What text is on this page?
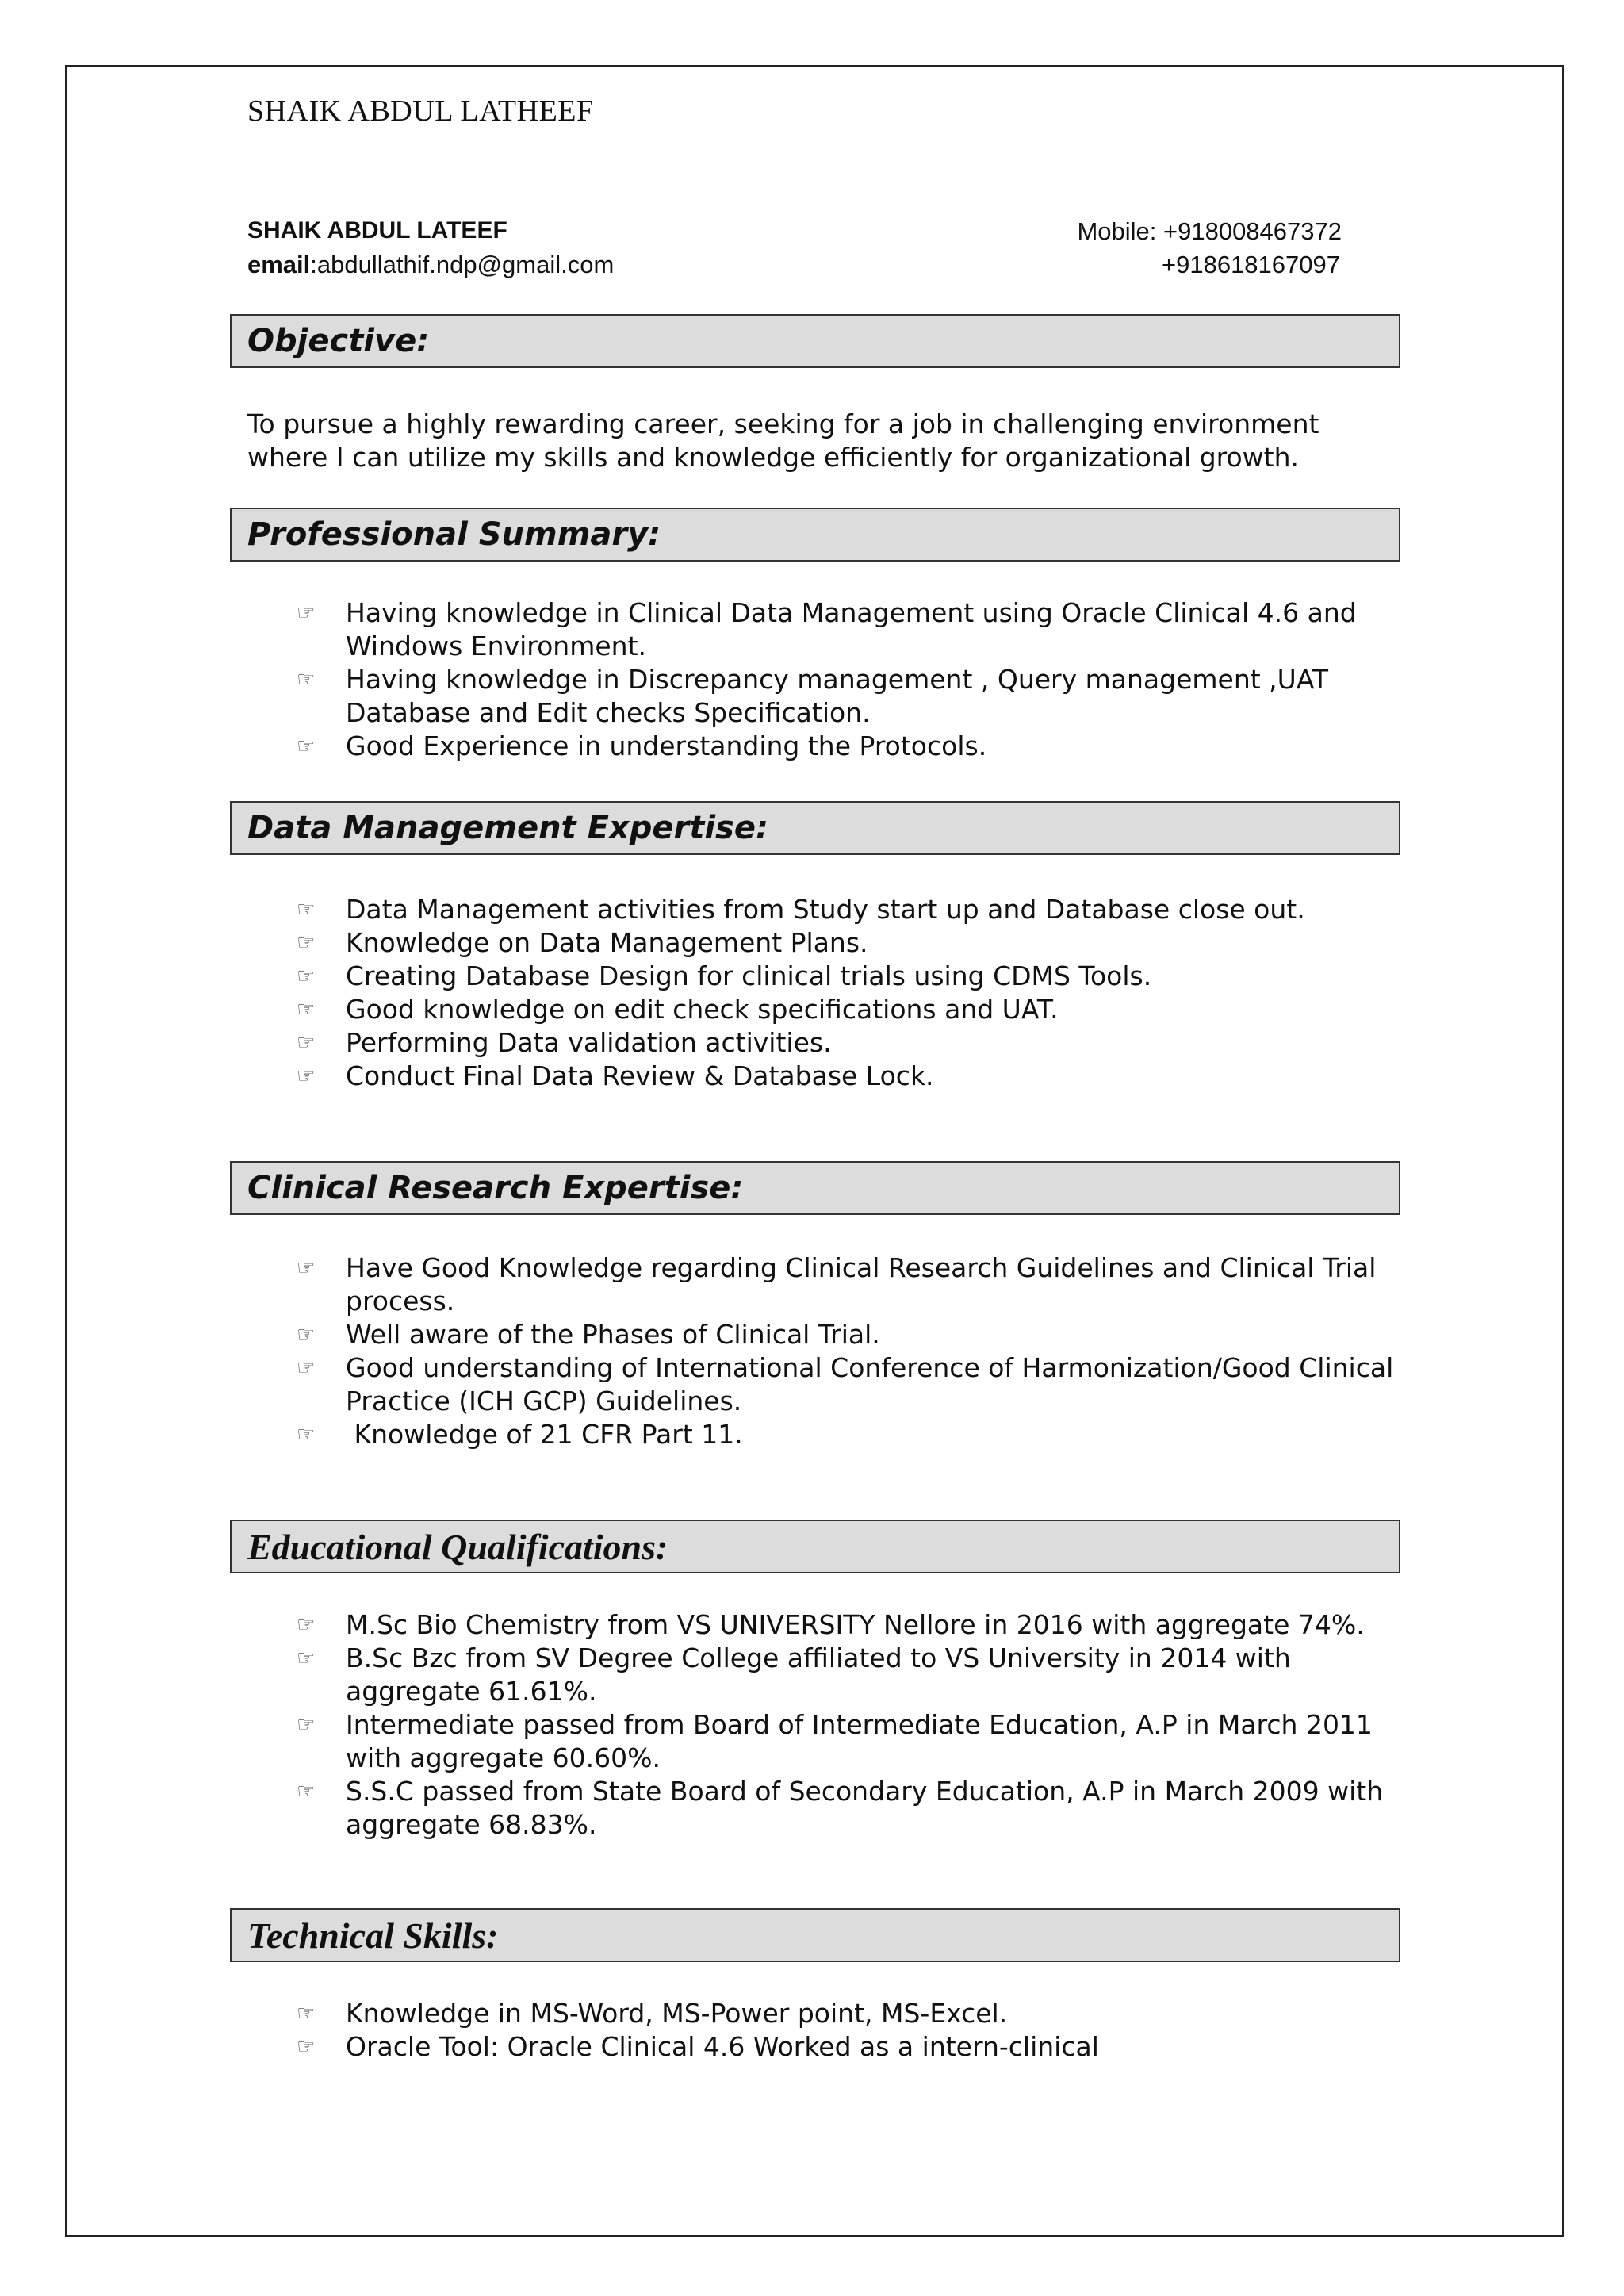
SHAIK ABDUL LATHEEF
SHAIK ABDUL LATEEF
email:abdullathif.ndp@gmail.com
Mobile: +918008467372
+918618167097
Objective:
To pursue a highly rewarding career, seeking for a job in challenging environment
where I can utilize my skills and knowledge efficiently for organizational growth.
Professional Summary:
☞	Having knowledge in Clinical Data Management using Oracle Clinical 4.6 and Windows Environment.
☞	Having knowledge in Discrepancy management , Query management ,UAT Database and Edit checks Specification.
☞	Good Experience in understanding the Protocols.
Data Management Expertise:
☞	Data Management activities from Study start up and Database close out.
☞	Knowledge on Data Management Plans.
☞	Creating Database Design for clinical trials using CDMS Tools.
☞	Good knowledge on edit check specifications and UAT.
☞	Performing Data validation activities.
☞	Conduct Final Data Review & Database Lock.
Clinical Research Expertise:
☞	Have Good Knowledge regarding Clinical Research Guidelines and Clinical Trial process.
☞	Well aware of the Phases of Clinical Trial.
☞	Good understanding of International Conference of Harmonization/Good Clinical Practice (ICH GCP) Guidelines.
☞	Knowledge of 21 CFR Part 11.
Educational Qualifications:
☞	M.Sc Bio Chemistry from VS UNIVERSITY Nellore in 2016 with aggregate 74%.
☞	B.Sc Bzc from SV Degree College affiliated to VS University in 2014 with aggregate 61.61%.
☞	Intermediate passed from Board of Intermediate Education, A.P in March 2011 with aggregate 60.60%.
☞	S.S.C passed from State Board of Secondary Education, A.P in March 2009 with aggregate 68.83%.
Technical Skills:
☞	Knowledge in MS-Word, MS-Power point, MS-Excel.
☞	Oracle Tool: Oracle Clinical 4.6 Worked as a intern-clinical
